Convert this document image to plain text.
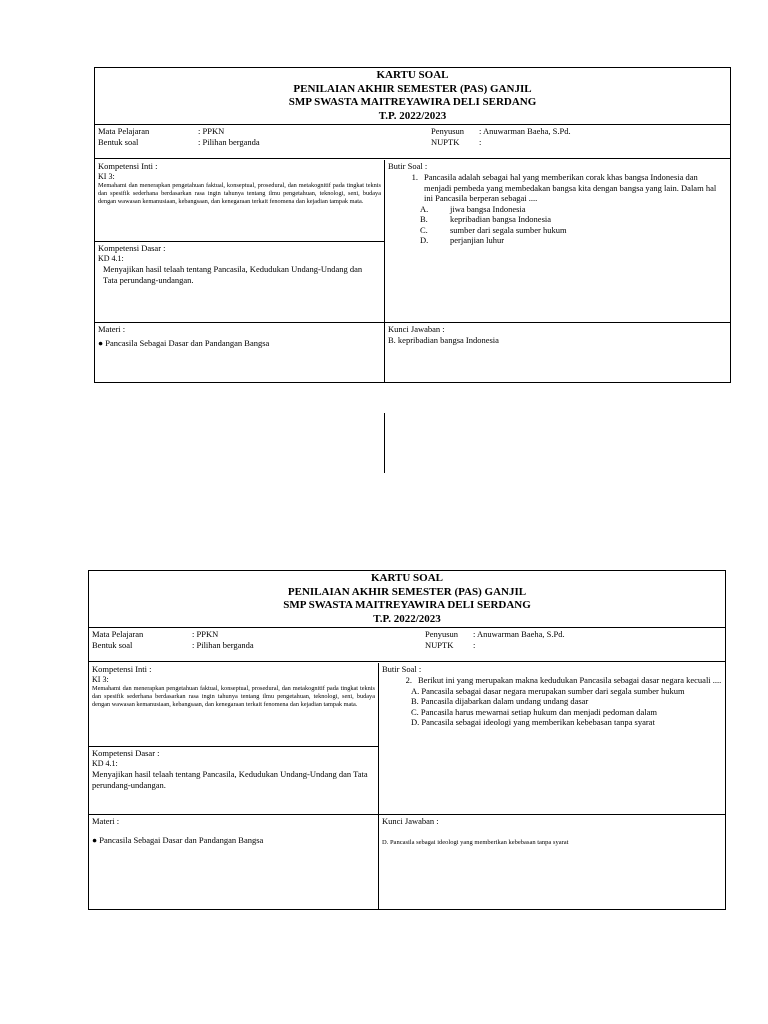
KARTU SOAL
PENILAIAN AKHIR SEMESTER (PAS) GANJIL
SMP SWASTA MAITREYAWIRA DELI SERDANG
T.P. 2022/2023
Mata Pelajaran	: PPKN
Bentuk soal	: Pilihan berganda
Penyusun : Anuwarman Baeha, S.Pd.
NUPTK :
Kompetensi Inti :
KI 3:
Memahami dan menerapkan pengetahuan faktual, konseptual, prosedural, dan metakognitif pada tingkat teknis dan spesifik sederhana berdasarkan rasa ingin tahunya tentang ilmu pengetahuan, teknologi, seni, budaya dengan wawasan kemanusiaan, kebangsaan, dan kenegaraan terkait fenomena dan kejadian tampak mata.
Kompetensi Dasar :
KD 4.1:
Menyajikan hasil telaah tentang Pancasila, Kedudukan Undang-Undang dan Tata perundang-undangan.
Butir Soal :
1. Pancasila adalah sebagai hal yang memberikan corak khas bangsa Indonesia dan menjadi pembeda yang membedakan bangsa kita dengan bangsa yang lain. Dalam hal ini Pancasila berperan sebagai ....
A.	jiwa bangsa Indonesia
B.	kepribadian bangsa Indonesia
C.	sumber dari segala sumber hukum
D.	perjanjian luhur
Materi :
● Pancasila Sebagai Dasar dan Pandangan Bangsa
Kunci Jawaban :
B. kepribadian bangsa Indonesia
KARTU SOAL
PENILAIAN AKHIR SEMESTER (PAS) GANJIL
SMP SWASTA MAITREYAWIRA DELI SERDANG
T.P. 2022/2023
Mata Pelajaran	: PPKN
Bentuk soal	: Pilihan berganda
Penyusun : Anuwarman Baeha, S.Pd.
NUPTK :
Kompetensi Inti :
KI 3:
Memahami dan menerapkan pengetahuan faktual, konseptual, prosedural, dan metakognitif pada tingkat teknis dan spesifik sederhana berdasarkan rasa ingin tahunya tentang ilmu pengetahuan, teknologi, seni, budaya dengan wawasan kemanusiaan, kebangsaan, dan kenegaraan terkait fenomena dan kejadian tampak mata.
Kompetensi Dasar :
KD 4.1:
Menyajikan hasil telaah tentang Pancasila, Kedudukan Undang-Undang dan Tata perundang-undangan.
Butir Soal :
2. Berikut ini yang merupakan makna kedudukan Pancasila sebagai dasar negara kecuali ....
A. Pancasila sebagai dasar negara merupakan sumber dari segala sumber hukum
B. Pancasila dijabarkan dalam undang undang dasar
C. Pancasila harus mewarnai setiap hukum dan menjadi pedoman dalam
D. Pancasila sebagai ideologi yang memberikan kebebasan tanpa syarat
Materi :
● Pancasila Sebagai Dasar dan Pandangan Bangsa
Kunci Jawaban :
D. Pancasila sebagai ideologi yang memberikan kebebasan tanpa syarat
